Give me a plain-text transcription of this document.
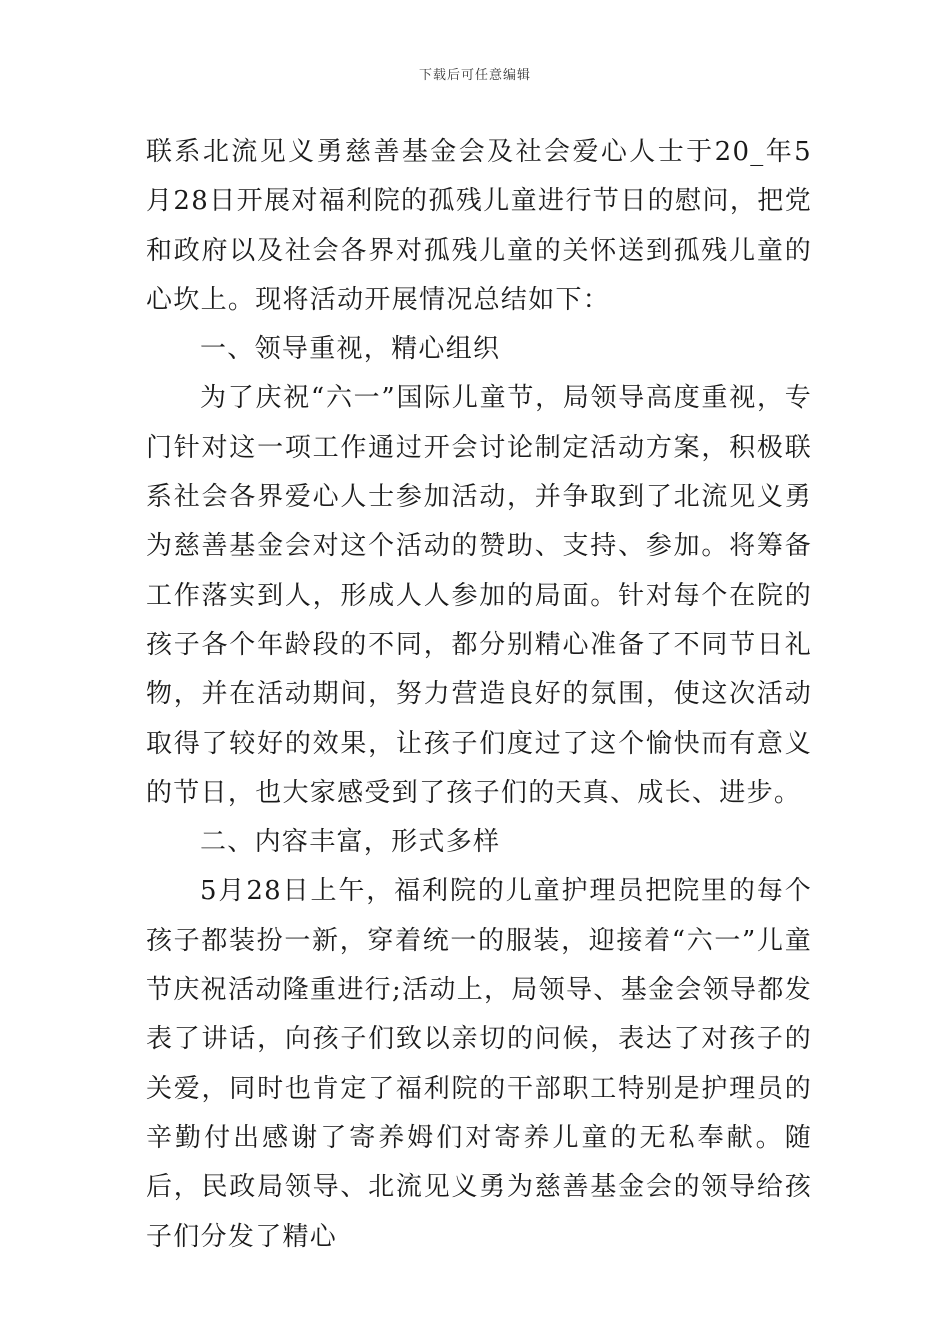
下载后可任意编辑

联系北流见义勇慈善基金会及社会爱心人士于20_年5月28日开展对福利院的孤残儿童进行节日的慰问，把党和政府以及社会各界对孤残儿童的关怀送到孤残儿童的心坎上。现将活动开展情况总结如下：

一、领导重视，精心组织

为了庆祝“六一”国际儿童节，局领导高度重视，专门针对这一项工作通过开会讨论制定活动方案，积极联系社会各界爱心人士参加活动，并争取到了北流见义勇为慈善基金会对这个活动的赞助、支持、参加。将筹备工作落实到人，形成人人参加的局面。针对每个在院的孩子各个年龄段的不同，都分别精心准备了不同节日礼物，并在活动期间，努力营造良好的氛围，使这次活动取得了较好的效果，让孩子们度过了这个愉快而有意义的节日，也大家感受到了孩子们的天真、成长、进步。

二、内容丰富，形式多样

5月28日上午，福利院的儿童护理员把院里的每个孩子都装扮一新，穿着统一的服装，迎接着“六一”儿童节庆祝活动隆重进行;活动上，局领导、基金会领导都发表了讲话，向孩子们致以亲切的问候，表达了对孩子的关爱，同时也肯定了福利院的干部职工特别是护理员的辛勤付出感谢了寄养姆们对寄养儿童的无私奉献。随后，民政局领导、北流见义勇为慈善基金会的领导给孩子们分发了精心
